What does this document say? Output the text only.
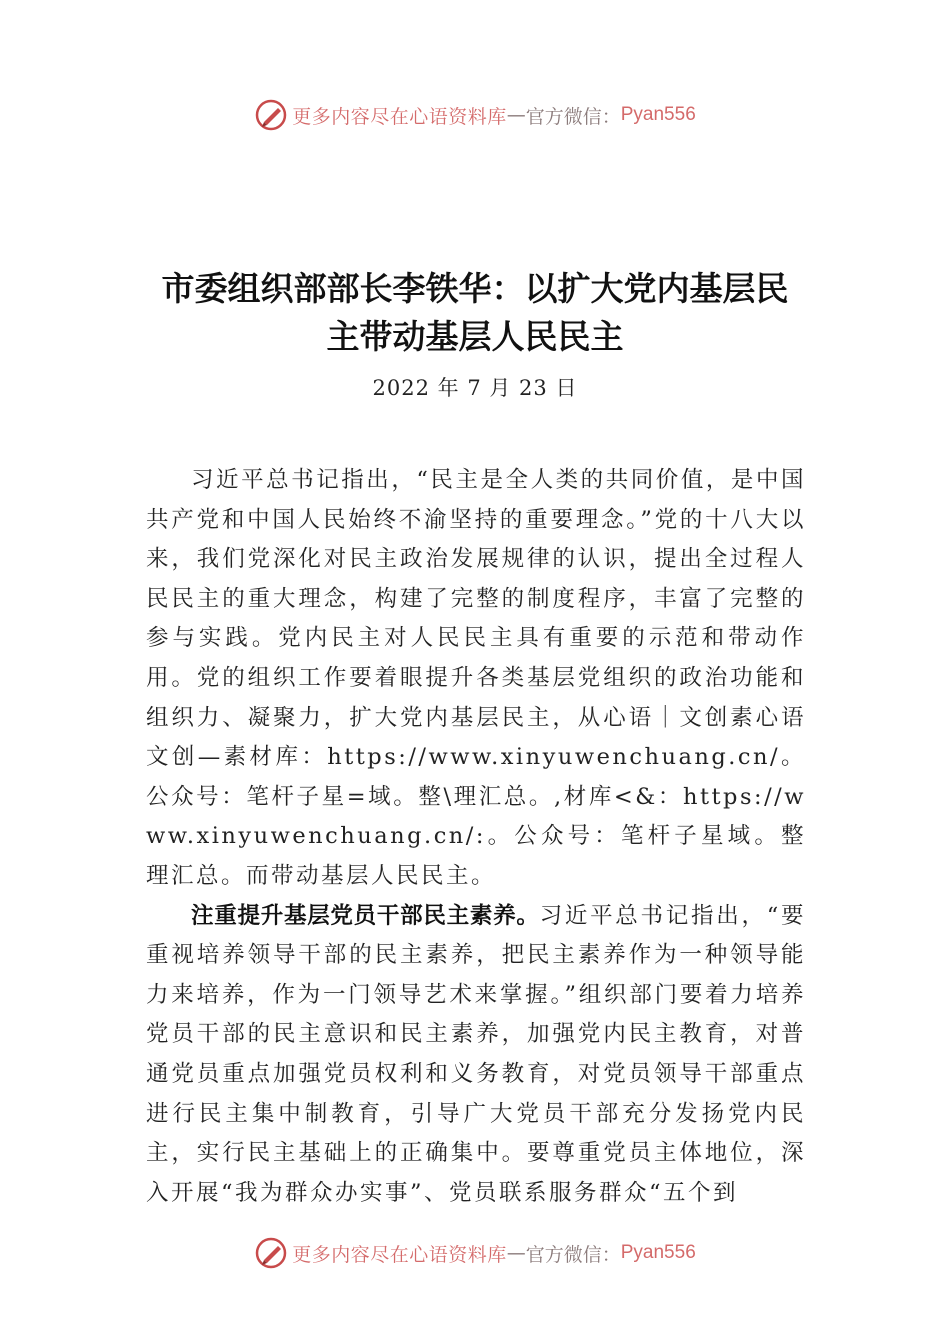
更多内容尽在心语资料库 — 官方微信： Pyan556
市委组织部部长李铁华：以扩大党内基层民
主带动基层人民民主
2022 年 7 月 23 日

习近平总书记指出，“民主是全人类的共同价值，是中国共产党和中国人民始终不渝坚持的重要理念。”党的十八大以来，我们党深化对民主政治发展规律的认识，提出全过程人民民主的重大理念，构建了完整的制度程序，丰富了完整的参与实践。党内民主对人民民主具有重要的示范和带动作用。党的组织工作要着眼提升各类基层党组织的政治功能和组织力、凝聚力，扩大党内基层民主，从心语｜文创素心语文创—素材库：https://www.xinyuwenchuang.cn/。公众号：笔杆子星=域。整\理汇总。,材库<&：https://www.xinyuwenchuang.cn/:。公众号：笔杆子星域。整理汇总。而带动基层人民民主。

注重提升基层党员干部民主素养。习近平总书记指出，“要重视培养领导干部的民主素养，把民主素养作为一种领导能力来培养，作为一门领导艺术来掌握。”组织部门要着力培养党员干部的民主意识和民主素养，加强党内民主教育，对普通党员重点加强党员权利和义务教育，对党员领导干部重点进行民主集中制教育，引导广大党员干部充分发扬党内民主，实行民主基础上的正确集中。要尊重党员主体地位，深入开展“我为群众办实事”、党员联系服务群众“五个到

更多内容尽在心语资料库 — 官方微信： Pyan556
